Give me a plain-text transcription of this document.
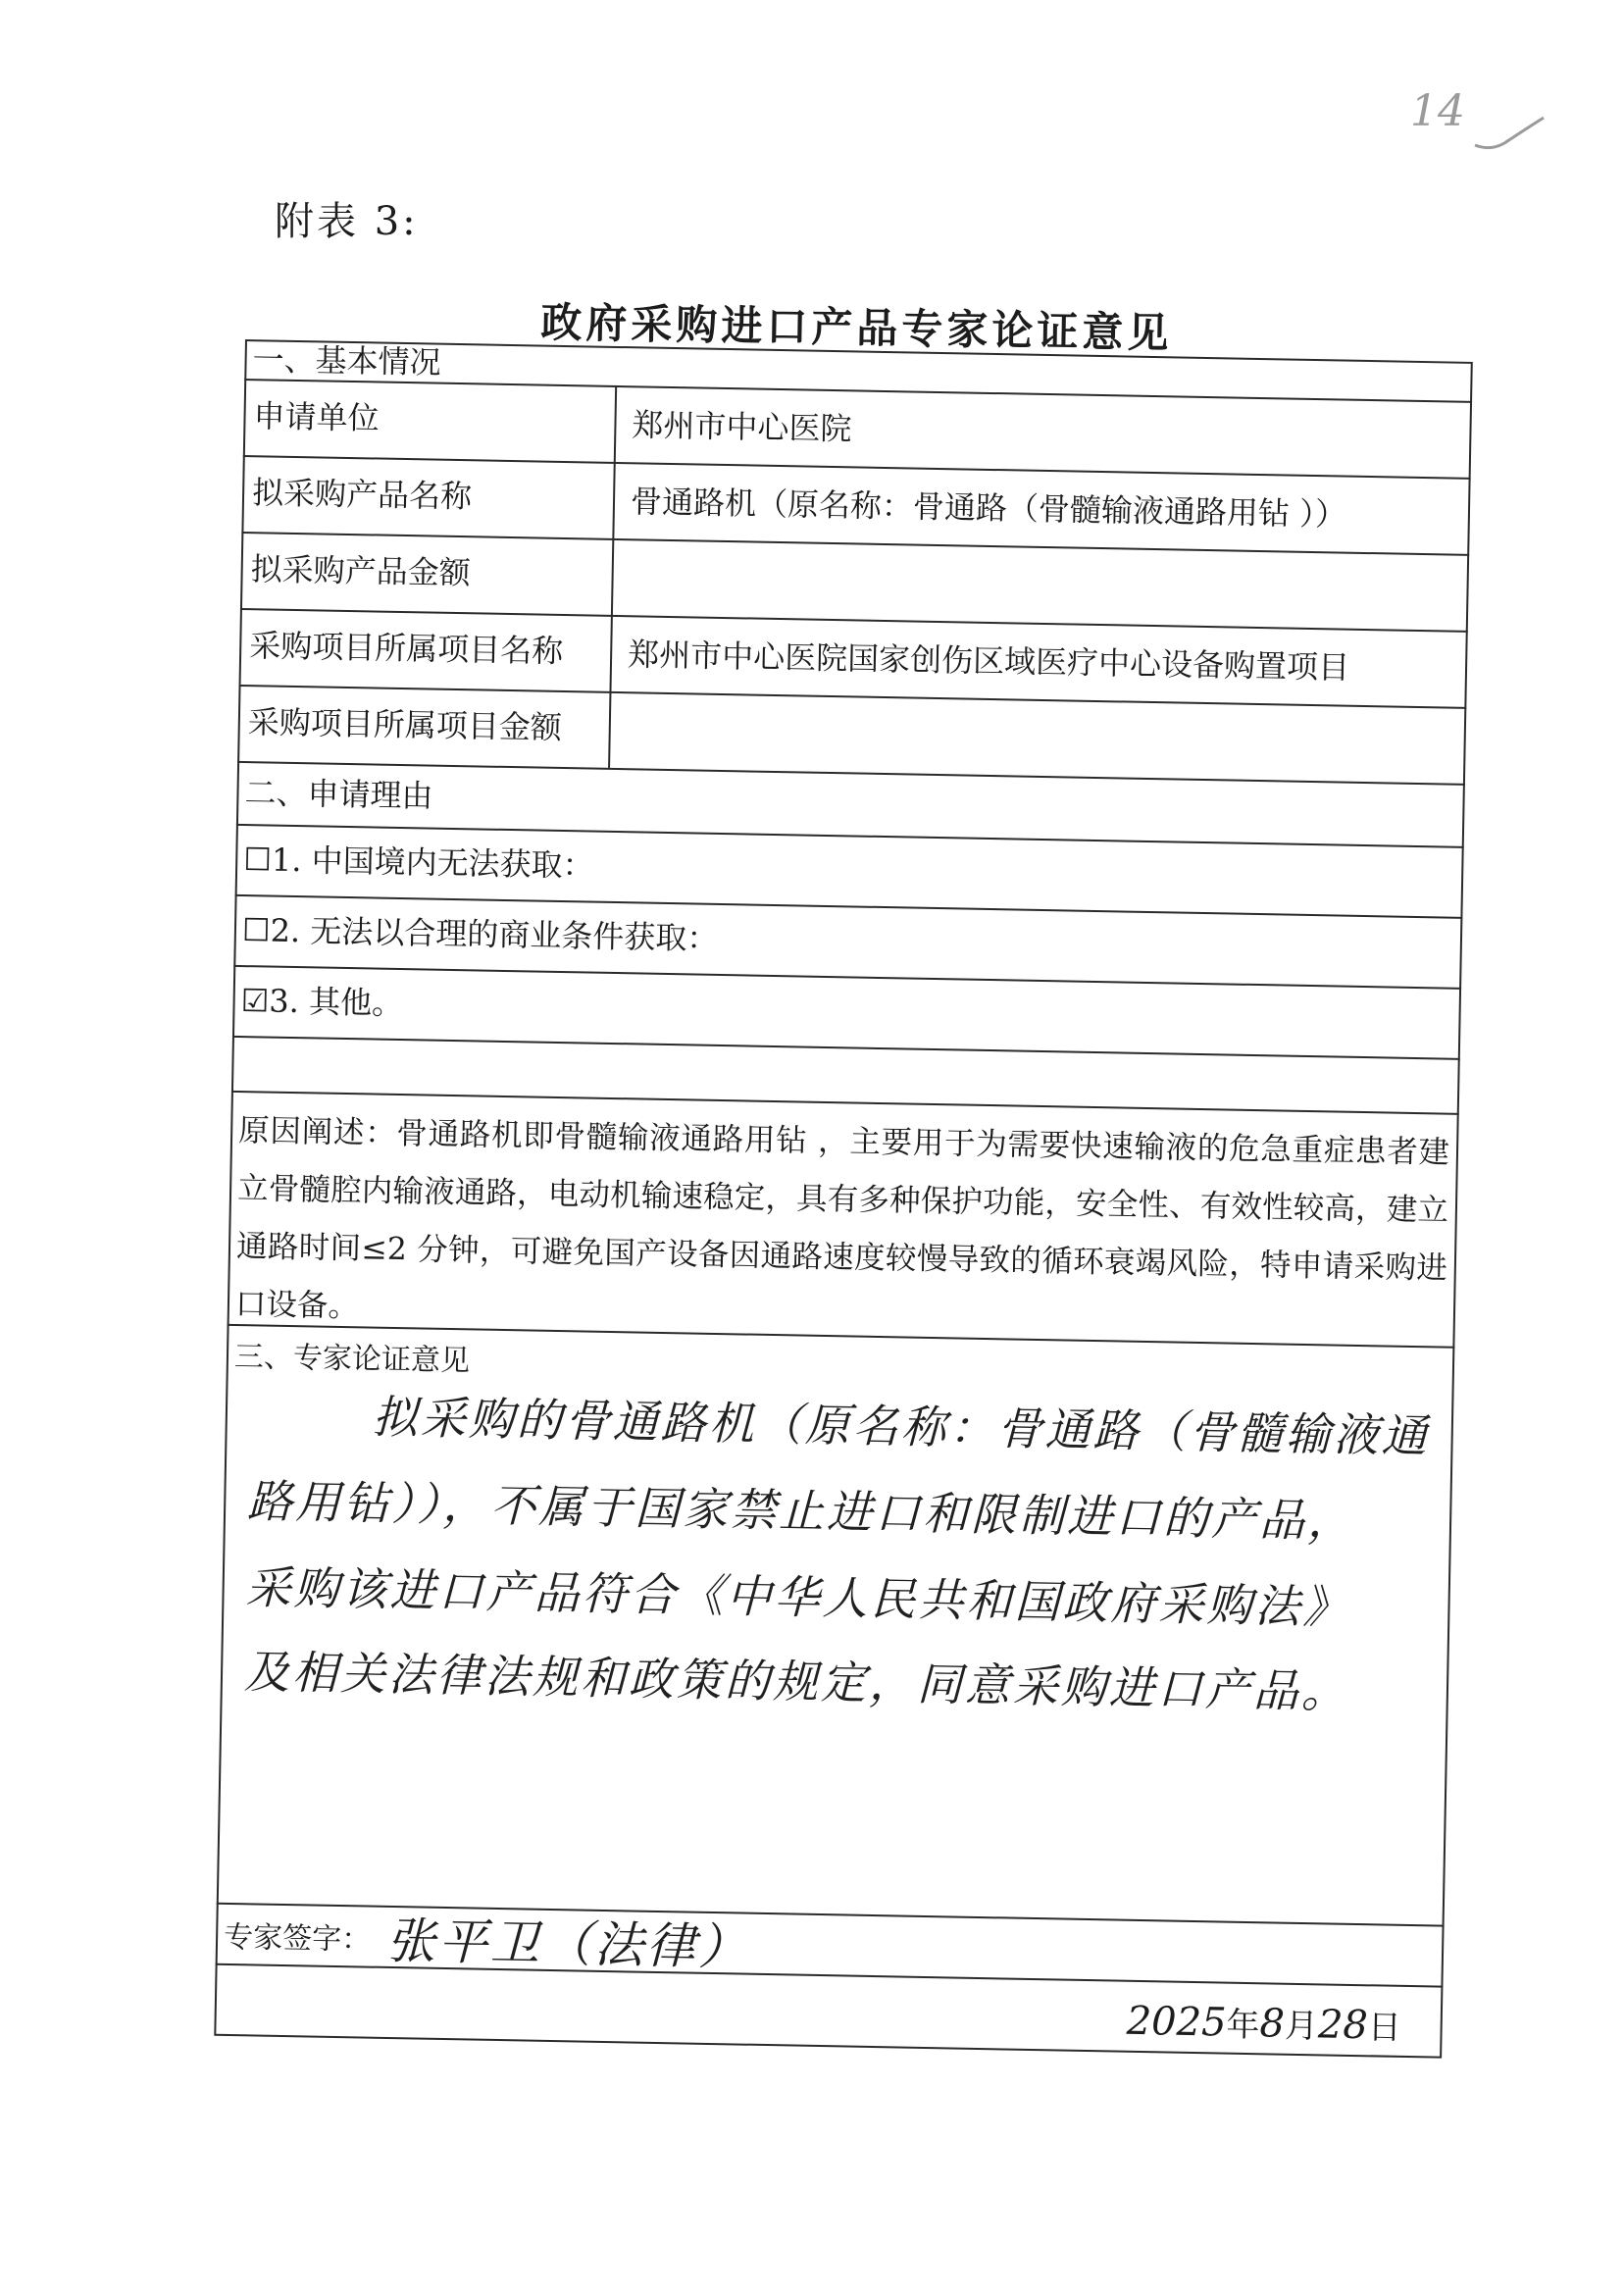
14
附表 3:
政府采购进口产品专家论证意见
一、基本情况
申请单位	郑州市中心医院
拟采购产品名称	骨通路机（原名称：骨通路（骨髓输液通路用钻 ））
拟采购产品金额
采购项目所属项目名称 郑州市中心医院国家创伤区域医疗中心设备购置项目
采购项目所属项目金额
二、申请理由
☐1. 中国境内无法获取：
☐2. 无法以合理的商业条件获取：
☑3. 其他。
原因阐述：骨通路机即骨髓输液通路用钻 ，主要用于为需要快速输液的危急重症患者建立骨髓腔内输液通路，电动机输速稳定，具有多种保护功能，安全性、有效性较高，建立通路时间≤2 分钟，可避免国产设备因通路速度较慢导致的循环衰竭风险，特申请采购进口设备。
三、专家论证意见
拟采购的骨通路机（原名称：骨通路（骨髓输液通
路用钻）），不属于国家禁止进口和限制进口的产品，
采购该进口产品符合《中华人民共和国政府采购法》
及相关法律法规和政策的规定，同意采购进口产品。
专家签字： 张平卫（法律）
2025年8月28日
